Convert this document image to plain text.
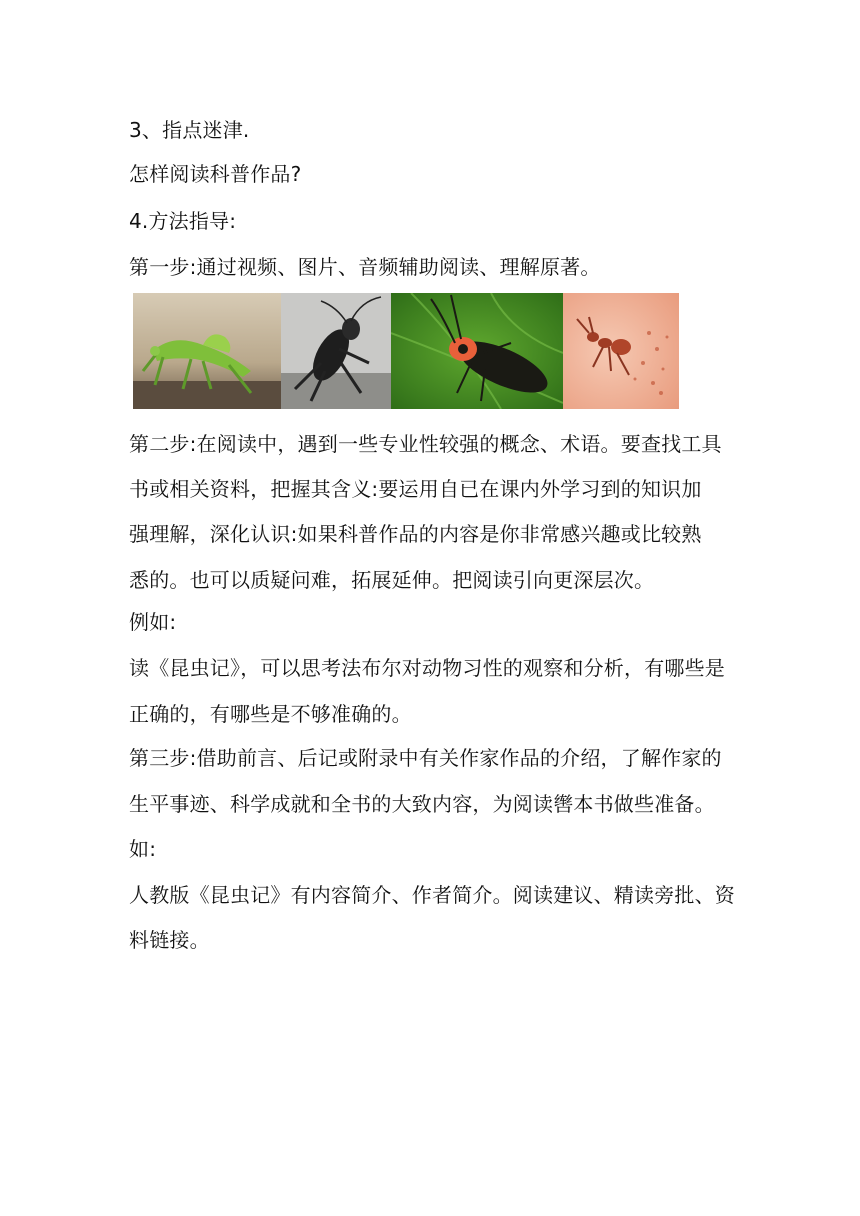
3、指点迷津.
怎样阅读科普作品?
4.方法指导:
第一步:通过视频、图片、音频辅助阅读、理解原著。
第二步:在阅读中，遇到一些专业性较强的概念、术语。要查找工具
书或相关资料，把握其含义:要运用自已在课内外学习到的知识加
强理解，深化认识:如果科普作品的内容是你非常感兴趣或比较熟
悉的。也可以质疑问难，拓展延伸。把阅读引向更深层次。
例如:
读《昆虫记》，可以思考法布尔对动物习性的观察和分析，有哪些是
正确的，有哪些是不够准确的。
第三步:借助前言、后记或附录中有关作家作品的介绍，了解作家的
生平事迹、科学成就和全书的大致内容，为阅读辔本书做些准备。
如:
人教版《昆虫记》有内容简介、作者简介。阅读建议、精读旁批、资
料链接。
